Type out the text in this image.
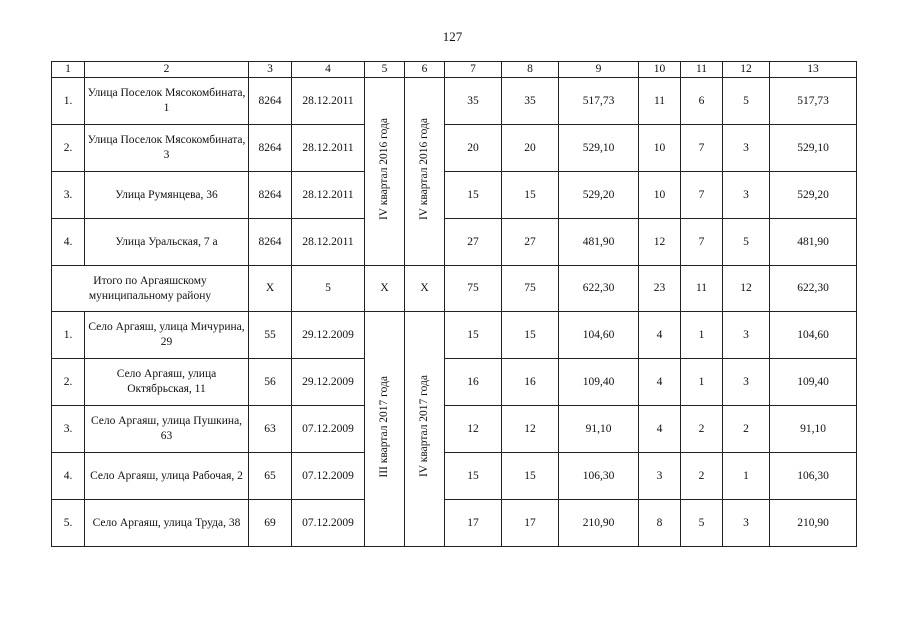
127
1	2	3	4	5	6	7	8	9	10	11	12	13
1.	Улица Поселок Мясокомбината, 1	8264	28.12.2011	IV квартал 2016 года	IV квартал 2016 года	35	35	517,73	11	6	5	517,73
2.	Улица Поселок Мясокомбината, 3	8264	28.12.2011			20	20	529,10	10	7	3	529,10
3.	Улица Румянцева, 36	8264	28.12.2011			15	15	529,20	10	7	3	529,20
4.	Улица Уральская, 7 а	8264	28.12.2011			27	27	481,90	12	7	5	481,90
Итого по Аргаяшскому муниципальному району		X	5	X	X	75	75	622,30	23	11	12	622,30
1.	Село Аргаяш, улица Мичурина, 29	55	29.12.2009	III квартал 2017 года	IV квартал 2017 года	15	15	104,60	4	1	3	104,60
2.	Село Аргаяш, улица Октябрьская, 11	56	29.12.2009			16	16	109,40	4	1	3	109,40
3.	Село Аргаяш, улица Пушкина, 63	63	07.12.2009			12	12	91,10	4	2	2	91,10
4.	Село Аргаяш, улица Рабочая, 2	65	07.12.2009			15	15	106,30	3	2	1	106,30
5.	Село Аргаяш, улица Труда, 38	69	07.12.2009			17	17	210,90	8	5	3	210,90
